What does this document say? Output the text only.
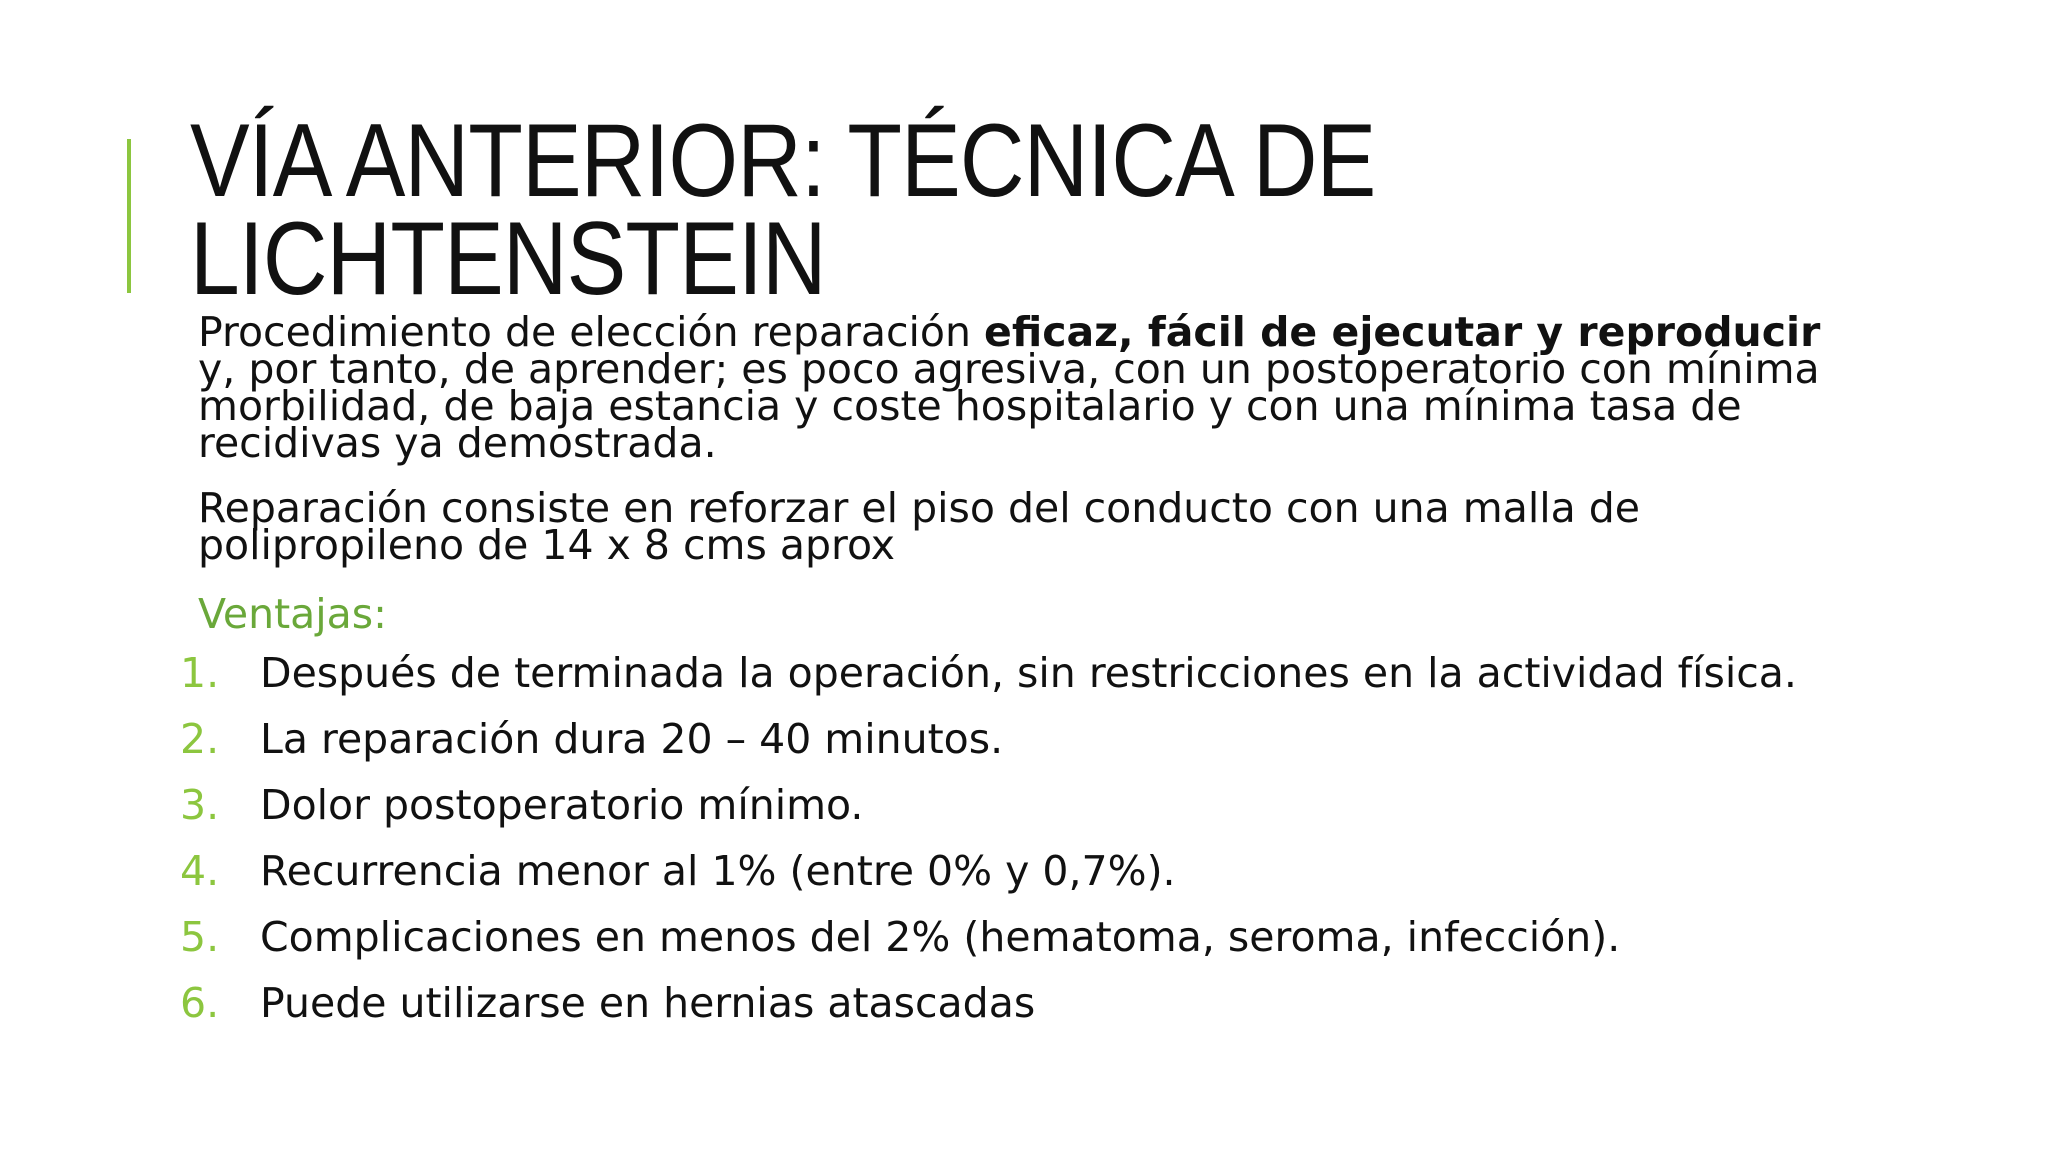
VÍA ANTERIOR: TÉCNICA DE
LICHTENSTEIN

Procedimiento de elección reparación eficaz, fácil de ejecutar y reproducir y, por tanto, de aprender; es poco agresiva, con un postoperatorio con mínima morbilidad, de baja estancia y coste hospitalario y con una mínima tasa de recidivas ya demostrada.

Reparación consiste en reforzar el piso del conducto con una malla de polipropileno de 14 x 8 cms aprox

Ventajas:

1. Después de terminada la operación, sin restricciones en la actividad física.
2. La reparación dura 20 – 40 minutos.
3. Dolor postoperatorio mínimo.
4. Recurrencia menor al 1% (entre 0% y 0,7%).
5. Complicaciones en menos del 2% (hematoma, seroma, infección).
6. Puede utilizarse en hernias atascadas
